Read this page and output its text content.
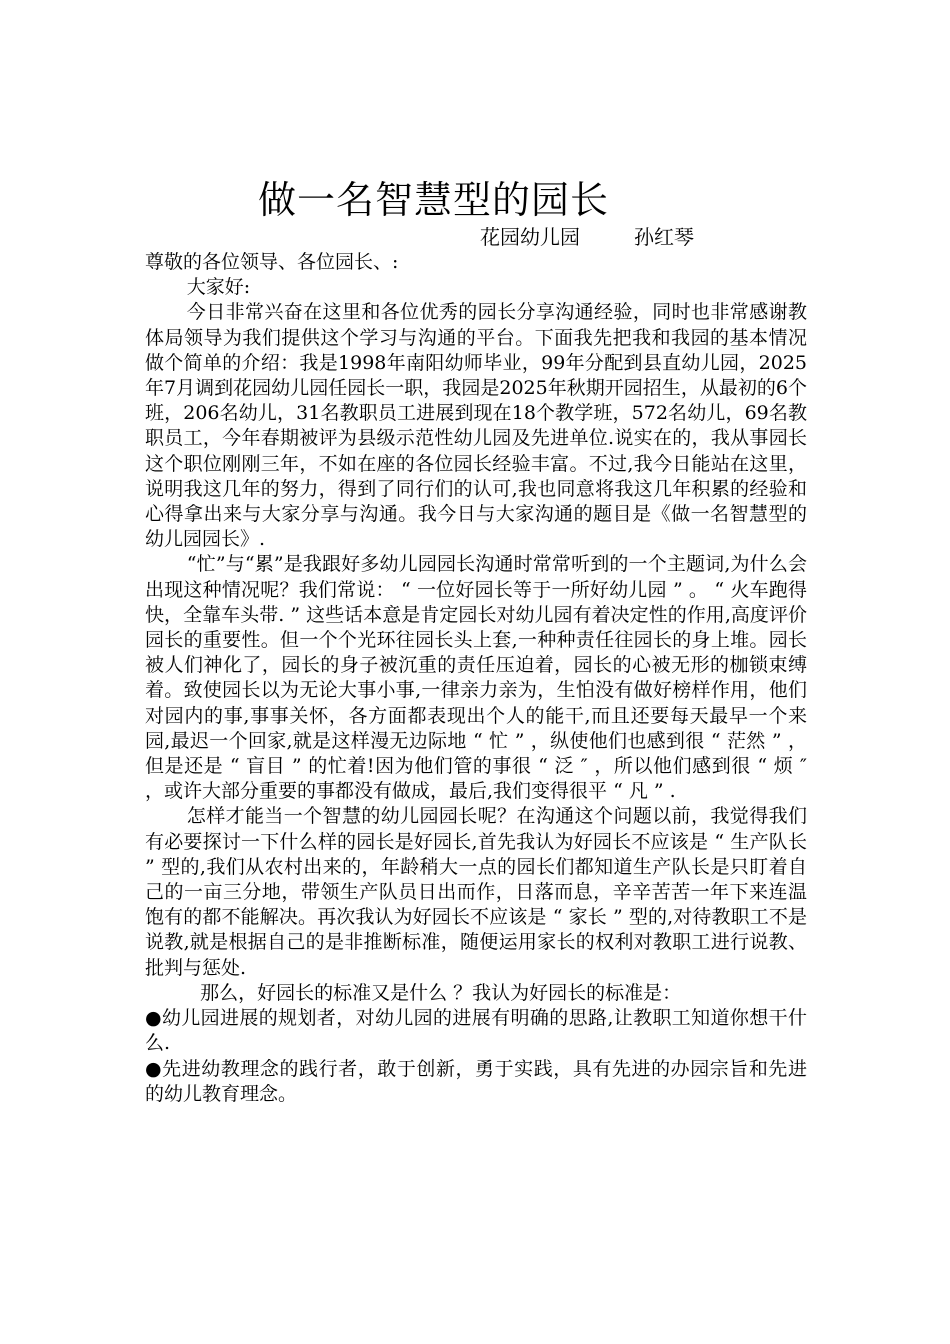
做一名智慧型的园长
花园幼儿园	孙红琴

尊敬的各位领导、各位园长、:

大家好:

今日非常兴奋在这里和各位优秀的园长分享沟通经验，同时也非常感谢教体局领导为我们提供这个学习与沟通的平台。下面我先把我和我园的基本情况做个简单的介绍：我是1998年南阳幼师毕业，99年分配到县直幼儿园，2025年7月调到花园幼儿园任园长一职，我园是2025年秋期开园招生，从最初的6个班，206名幼儿，31名教职员工进展到现在18个教学班，572名幼儿，69名教职员工，今年春期被评为县级示范性幼儿园及先进单位.说实在的，我从事园长这个职位刚刚三年，不如在座的各位园长经验丰富。不过,我今日能站在这里，说明我这几年的努力，得到了同行们的认可,我也同意将我这几年积累的经验和心得拿出来与大家分享与沟通。我今日与大家沟通的题目是《做一名智慧型的幼儿园园长》.

“忙”与“累”是我跟好多幼儿园园长沟通时常常听到的一个主题词,为什么会出现这种情况呢？我们常说： “ 一位好园长等于一所好幼儿园 ” 。 “ 火车跑得快，全靠车头带. ” 这些话本意是肯定园长对幼儿园有着决定性的作用,高度评价园长的重要性。但一个个光环往园长头上套,一种种责任往园长的身上堆。园长被人们神化了，园长的身子被沉重的责任压迫着，园长的心被无形的枷锁束缚着。致使园长以为无论大事小事,一律亲力亲为，生怕没有做好榜样作用，他们对园内的事,事事关怀，各方面都表现出个人的能干,而且还要每天最早一个来园,最迟一个回家,就是这样漫无边际地 “ 忙 ” ，纵使他们也感到很 “ 茫然 ” ，但是还是 “ 盲目 ” 的忙着!因为他们管的事很 “ 泛 ″ ，所以他们感到很 “ 烦 ″ ，或许大部分重要的事都没有做成，最后,我们变得很平 “ 凡 ” .

怎样才能当一个智慧的幼儿园园长呢？在沟通这个问题以前，我觉得我们有必要探讨一下什么样的园长是好园长,首先我认为好园长不应该是 “ 生产队长 ” 型的,我们从农村出来的，年龄稍大一点的园长们都知道生产队长是只盯着自己的一亩三分地，带领生产队员日出而作，日落而息，辛辛苦苦一年下来连温饱有的都不能解决。再次我认为好园长不应该是 “ 家长 ” 型的,对待教职工不是说教,就是根据自己的是非推断标准，随便运用家长的权利对教职工进行说教、批判与惩处.

那么，好园长的标准又是什么 ？我认为好园长的标准是：

●幼儿园进展的规划者，对幼儿园的进展有明确的思路,让教职工知道你想干什么.

●先进幼教理念的践行者，敢于创新，勇于实践，具有先进的办园宗旨和先进的幼儿教育理念。
